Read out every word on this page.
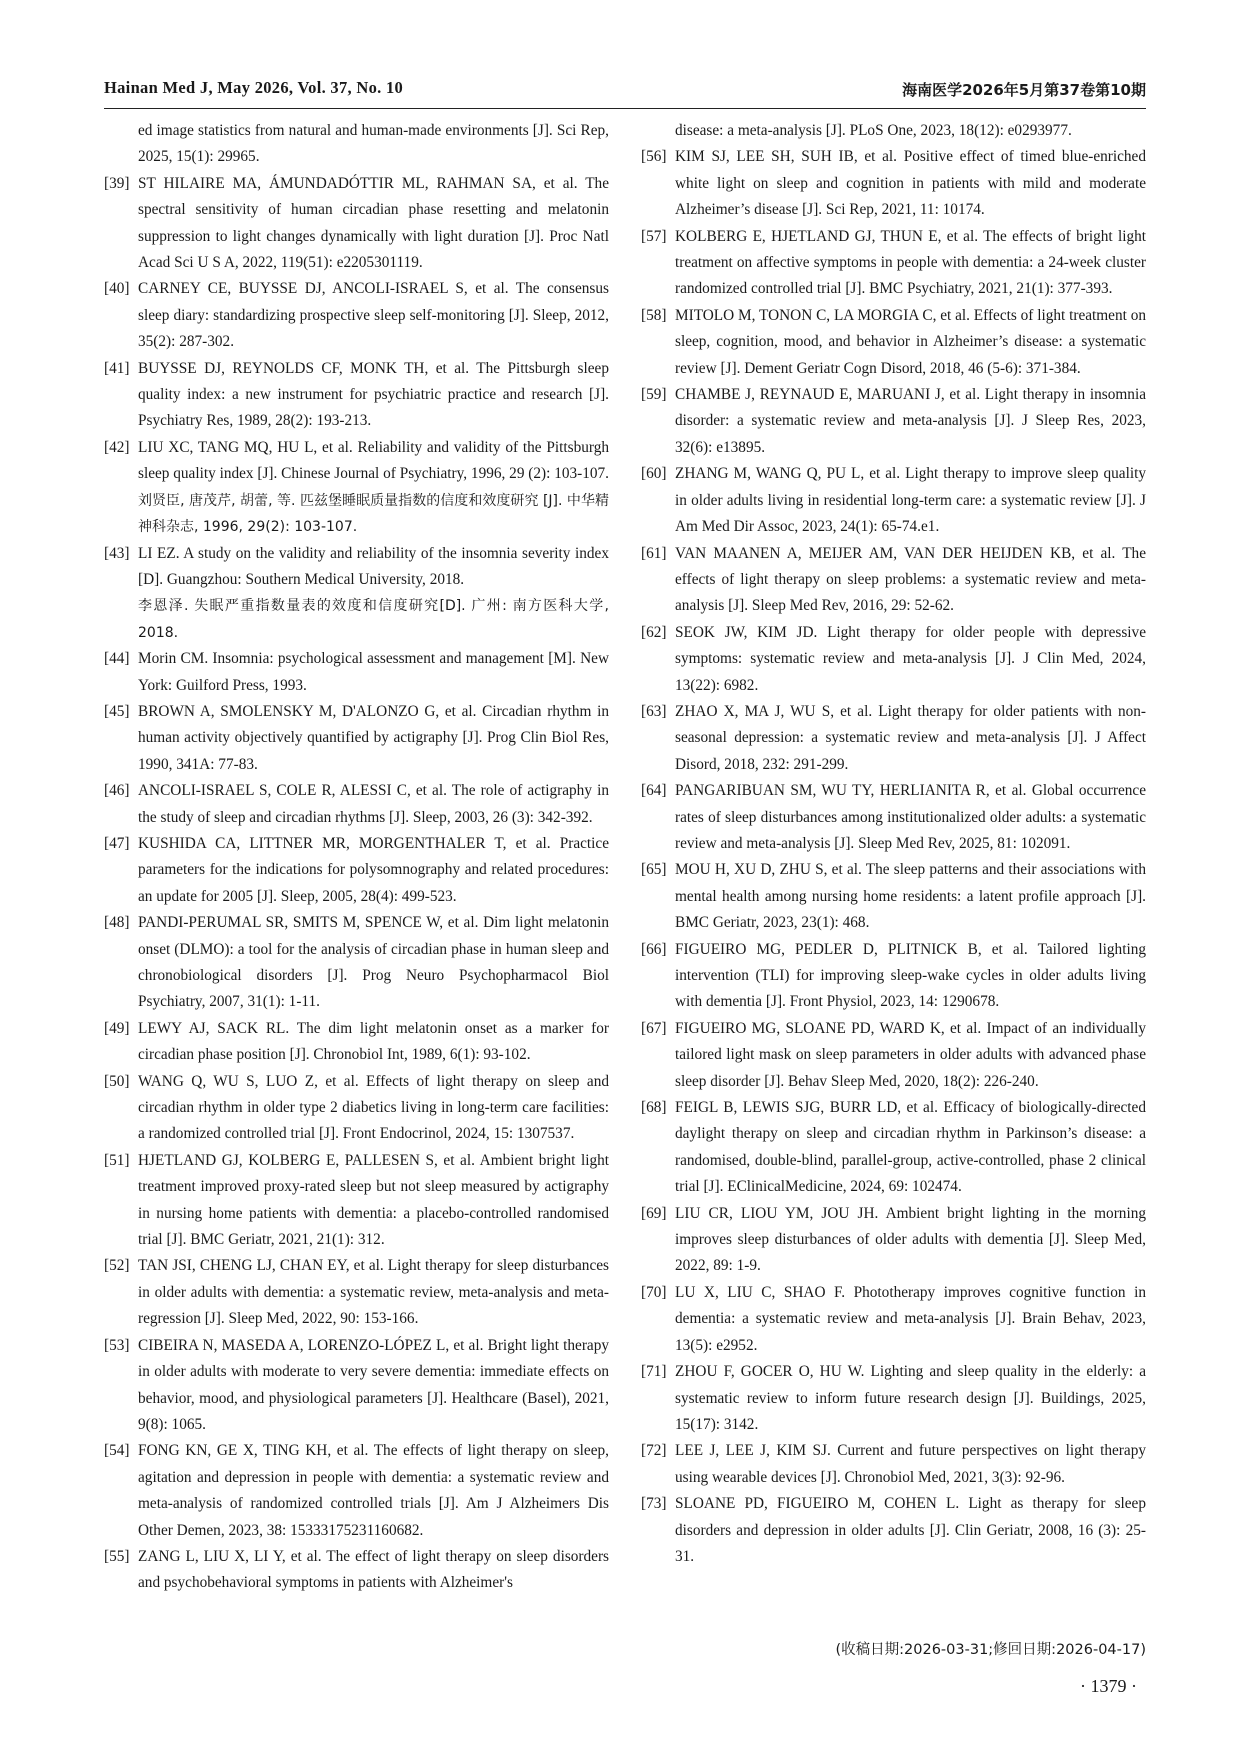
Hainan Med J, May 2026, Vol. 37, No. 10	海南医学2026年5月第37卷第10期
ed image statistics from natural and human-made environments [J]. Sci Rep, 2025, 15(1): 29965.
[39] ST HILAIRE MA, ÁMUNDADÓTTIR ML, RAHMAN SA, et al. The spectral sensitivity of human circadian phase resetting and melatonin suppression to light changes dynamically with light duration [J]. Proc Natl Acad Sci U S A, 2022, 119(51): e2205301119.
[40] CARNEY CE, BUYSSE DJ, ANCOLI-ISRAEL S, et al. The consensus sleep diary: standardizing prospective sleep self-monitoring [J]. Sleep, 2012, 35(2): 287-302.
[41] BUYSSE DJ, REYNOLDS CF, MONK TH, et al. The Pittsburgh sleep quality index: a new instrument for psychiatric practice and research [J]. Psychiatry Res, 1989, 28(2): 193-213.
[42] LIU XC, TANG MQ, HU L, et al. Reliability and validity of the Pittsburgh sleep quality index [J]. Chinese Journal of Psychiatry, 1996, 29 (2): 103-107.
刘贤臣, 唐茂芹, 胡蕾, 等. 匹兹堡睡眠质量指数的信度和效度研究 [J]. 中华精神科杂志, 1996, 29(2): 103-107.
[43] LI EZ. A study on the validity and reliability of the insomnia severity index [D]. Guangzhou: Southern Medical University, 2018.
李恩泽. 失眠严重指数量表的效度和信度研究[D]. 广州: 南方医科大学, 2018.
[44] Morin CM. Insomnia: psychological assessment and management [M]. New York: Guilford Press, 1993.
[45] BROWN A, SMOLENSKY M, D'ALONZO G, et al. Circadian rhythm in human activity objectively quantified by actigraphy [J]. Prog Clin Biol Res, 1990, 341A: 77-83.
[46] ANCOLI-ISRAEL S, COLE R, ALESSI C, et al. The role of actigraphy in the study of sleep and circadian rhythms [J]. Sleep, 2003, 26 (3): 342-392.
[47] KUSHIDA CA, LITTNER MR, MORGENTHALER T, et al. Practice parameters for the indications for polysomnography and related procedures: an update for 2005 [J]. Sleep, 2005, 28(4): 499-523.
[48] PANDI-PERUMAL SR, SMITS M, SPENCE W, et al. Dim light melatonin onset (DLMO): a tool for the analysis of circadian phase in human sleep and chronobiological disorders [J]. Prog Neuro Psychopharmacol Biol Psychiatry, 2007, 31(1): 1-11.
[49] LEWY AJ, SACK RL. The dim light melatonin onset as a marker for circadian phase position [J]. Chronobiol Int, 1989, 6(1): 93-102.
[50] WANG Q, WU S, LUO Z, et al. Effects of light therapy on sleep and circadian rhythm in older type 2 diabetics living in long-term care facilities: a randomized controlled trial [J]. Front Endocrinol, 2024, 15: 1307537.
[51] HJETLAND GJ, KOLBERG E, PALLESEN S, et al. Ambient bright light treatment improved proxy-rated sleep but not sleep measured by actigraphy in nursing home patients with dementia: a placebo-controlled randomised trial [J]. BMC Geriatr, 2021, 21(1): 312.
[52] TAN JSI, CHENG LJ, CHAN EY, et al. Light therapy for sleep disturbances in older adults with dementia: a systematic review, meta-analysis and meta-regression [J]. Sleep Med, 2022, 90: 153-166.
[53] CIBEIRA N, MASEDA A, LORENZO-LÓPEZ L, et al. Bright light therapy in older adults with moderate to very severe dementia: immediate effects on behavior, mood, and physiological parameters [J]. Healthcare (Basel), 2021, 9(8): 1065.
[54] FONG KN, GE X, TING KH, et al. The effects of light therapy on sleep, agitation and depression in people with dementia: a systematic review and meta-analysis of randomized controlled trials [J]. Am J Alzheimers Dis Other Demen, 2023, 38: 15333175231160682.
[55] ZANG L, LIU X, LI Y, et al. The effect of light therapy on sleep disorders and psychobehavioral symptoms in patients with Alzheimer's
disease: a meta-analysis [J]. PLoS One, 2023, 18(12): e0293977.
[56] KIM SJ, LEE SH, SUH IB, et al. Positive effect of timed blue-enriched white light on sleep and cognition in patients with mild and moderate Alzheimer’s disease [J]. Sci Rep, 2021, 11: 10174.
[57] KOLBERG E, HJETLAND GJ, THUN E, et al. The effects of bright light treatment on affective symptoms in people with dementia: a 24-week cluster randomized controlled trial [J]. BMC Psychiatry, 2021, 21(1): 377-393.
[58] MITOLO M, TONON C, LA MORGIA C, et al. Effects of light treatment on sleep, cognition, mood, and behavior in Alzheimer’s disease: a systematic review [J]. Dement Geriatr Cogn Disord, 2018, 46 (5-6): 371-384.
[59] CHAMBE J, REYNAUD E, MARUANI J, et al. Light therapy in insomnia disorder: a systematic review and meta-analysis [J]. J Sleep Res, 2023, 32(6): e13895.
[60] ZHANG M, WANG Q, PU L, et al. Light therapy to improve sleep quality in older adults living in residential long-term care: a systematic review [J]. J Am Med Dir Assoc, 2023, 24(1): 65-74.e1.
[61] VAN MAANEN A, MEIJER AM, VAN DER HEIJDEN KB, et al. The effects of light therapy on sleep problems: a systematic review and meta-analysis [J]. Sleep Med Rev, 2016, 29: 52-62.
[62] SEOK JW, KIM JD. Light therapy for older people with depressive symptoms: systematic review and meta-analysis [J]. J Clin Med, 2024, 13(22): 6982.
[63] ZHAO X, MA J, WU S, et al. Light therapy for older patients with non-seasonal depression: a systematic review and meta-analysis [J]. J Affect Disord, 2018, 232: 291-299.
[64] PANGARIBUAN SM, WU TY, HERLIANITA R, et al. Global occurrence rates of sleep disturbances among institutionalized older adults: a systematic review and meta-analysis [J]. Sleep Med Rev, 2025, 81: 102091.
[65] MOU H, XU D, ZHU S, et al. The sleep patterns and their associations with mental health among nursing home residents: a latent profile approach [J]. BMC Geriatr, 2023, 23(1): 468.
[66] FIGUEIRO MG, PEDLER D, PLITNICK B, et al. Tailored lighting intervention (TLI) for improving sleep-wake cycles in older adults living with dementia [J]. Front Physiol, 2023, 14: 1290678.
[67] FIGUEIRO MG, SLOANE PD, WARD K, et al. Impact of an individually tailored light mask on sleep parameters in older adults with advanced phase sleep disorder [J]. Behav Sleep Med, 2020, 18(2): 226-240.
[68] FEIGL B, LEWIS SJG, BURR LD, et al. Efficacy of biologically-directed daylight therapy on sleep and circadian rhythm in Parkinson’s disease: a randomised, double-blind, parallel-group, active-controlled, phase 2 clinical trial [J]. EClinicalMedicine, 2024, 69: 102474.
[69] LIU CR, LIOU YM, JOU JH. Ambient bright lighting in the morning improves sleep disturbances of older adults with dementia [J]. Sleep Med, 2022, 89: 1-9.
[70] LU X, LIU C, SHAO F. Phototherapy improves cognitive function in dementia: a systematic review and meta-analysis [J]. Brain Behav, 2023, 13(5): e2952.
[71] ZHOU F, GOCER O, HU W. Lighting and sleep quality in the elderly: a systematic review to inform future research design [J]. Buildings, 2025, 15(17): 3142.
[72] LEE J, LEE J, KIM SJ. Current and future perspectives on light therapy using wearable devices [J]. Chronobiol Med, 2021, 3(3): 92-96.
[73] SLOANE PD, FIGUEIRO M, COHEN L. Light as therapy for sleep disorders and depression in older adults [J]. Clin Geriatr, 2008, 16 (3): 25-31.
(收稿日期:2026-03-31;修回日期:2026-04-17)
· 1379 ·
